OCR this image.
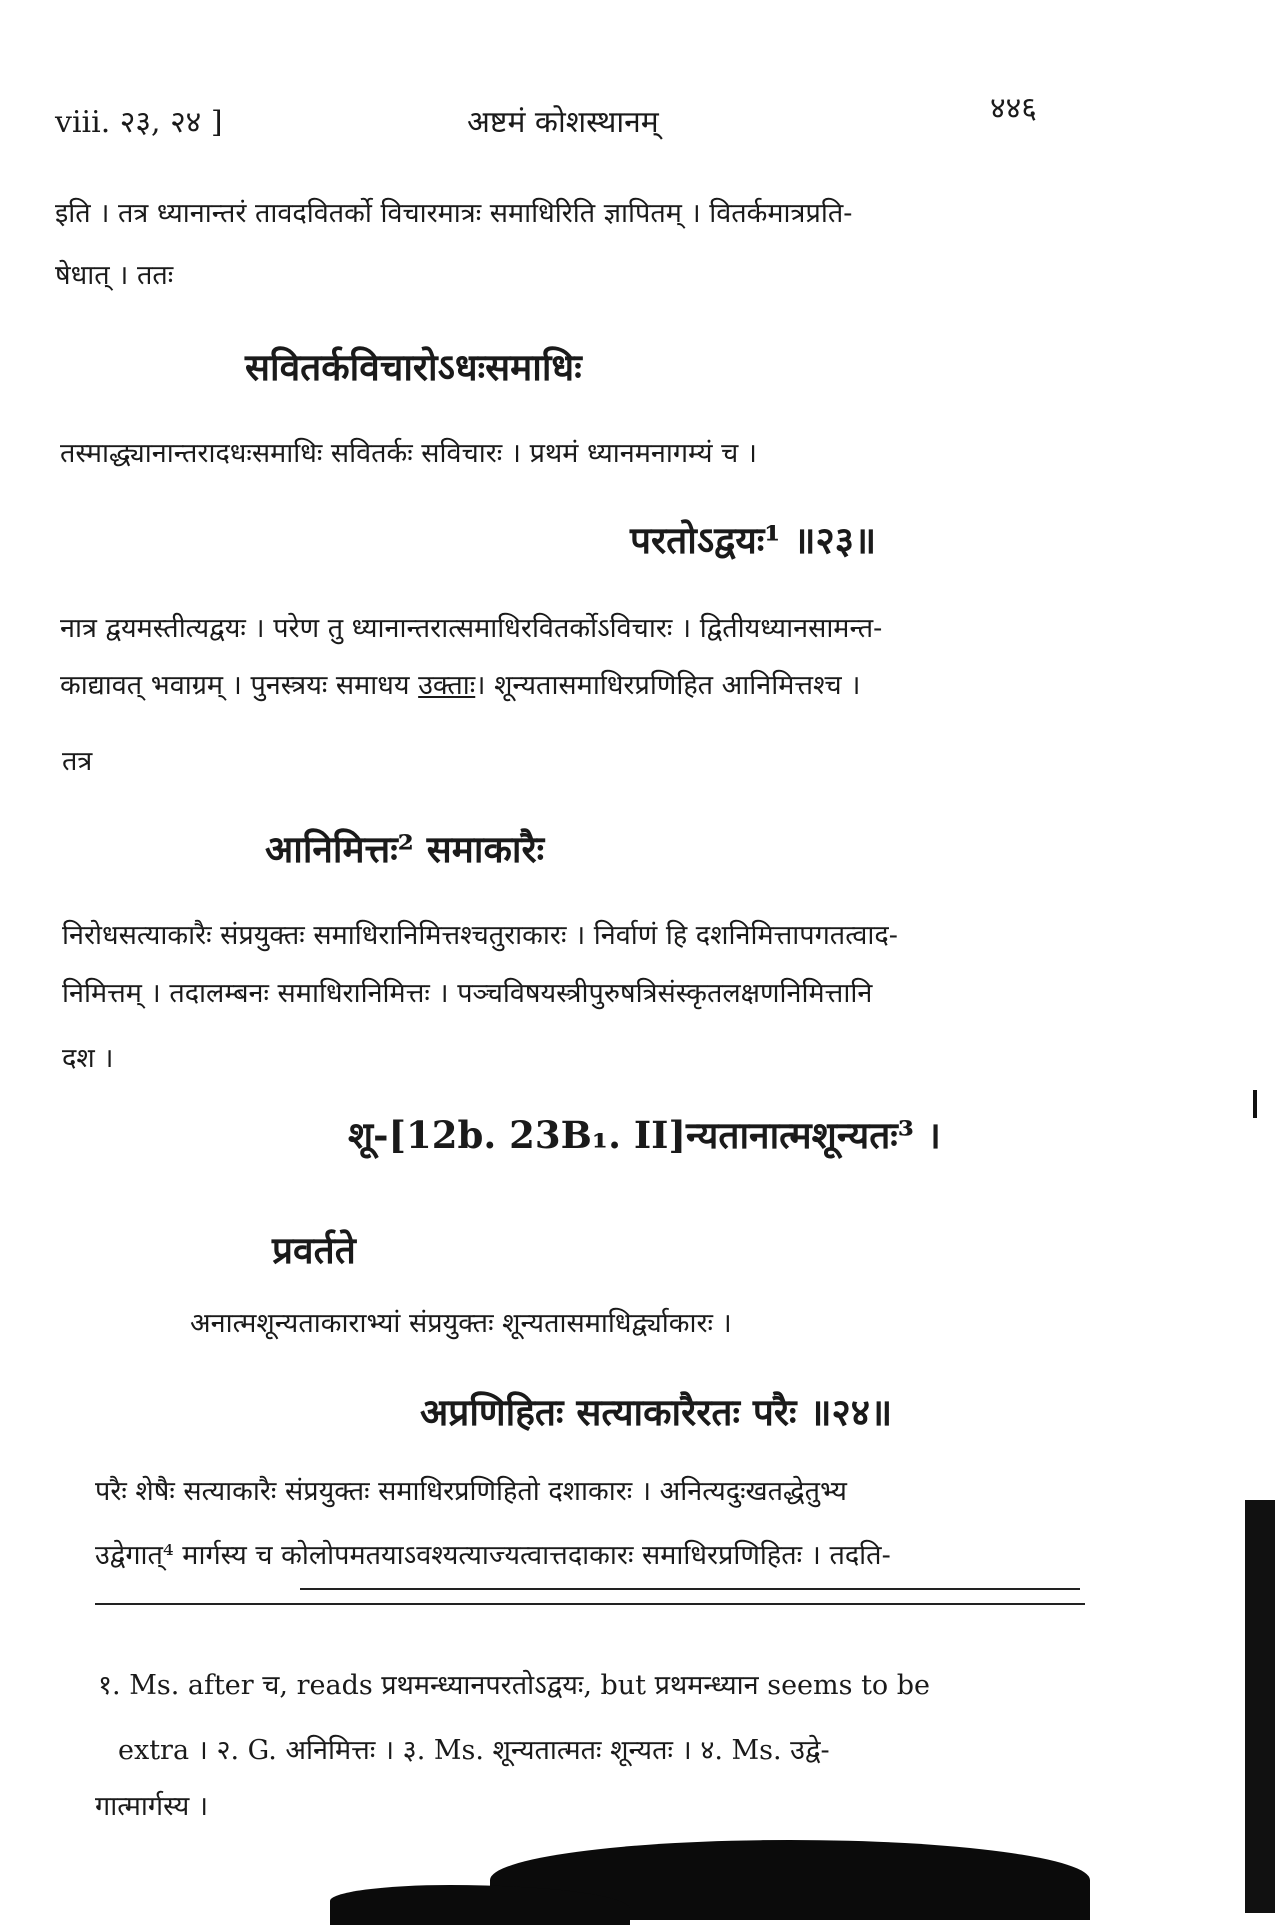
viii. २३, २४ ]	अष्टमं कोशस्थानम्	४४६
इति । तत्र ध्यानान्तरं तावदवितर्को विचारमात्रः समाधिरिति ज्ञापितम् । वितर्कमात्रप्रति-
षेधात् । ततः
सवितर्कविचारोऽधःसमाधिः
तस्माद्ध्यानान्तरादधःसमाधिः सवितर्कः सविचारः । प्रथमं ध्यानमनागम्यं च ।
परतोऽद्वयः¹ ॥२३॥
नात्र द्वयमस्तीत्यद्वयः । परेण तु ध्यानान्तरात्समाधिरवितर्कोऽविचारः । द्वितीयध्यानसामन्त-
काद्यावत् भवाग्रम् । पुनस्त्रयः समाधय उक्ताः। शून्यतासमाधिरप्रणिहित आनिमित्तश्च ।
तत्र
आनिमित्तः² समाकारैः
निरोधसत्याकारैः संप्रयुक्तः समाधिरानिमित्तश्चतुराकारः । निर्वाणं हि दशनिमित्तापगतत्वाद-
निमित्तम् । तदालम्बनः समाधिरानिमित्तः । पञ्चविषयस्त्रीपुरुषत्रिसंस्कृतलक्षणनिमित्तानि
दश ।
शू-[12b. 23B₁. II]न्यतानात्मशून्यतः³ ।
प्रवर्तते
अनात्मशून्यताकाराभ्यां संप्रयुक्तः शून्यतासमाधिर्द्व्याकारः ।
अप्रणिहितः सत्याकारैरतः परैः ॥२४॥
परैः शेषैः सत्याकारैः संप्रयुक्तः समाधिरप्रणिहितो दशाकारः । अनित्यदुःखतद्धेतुभ्य
उद्वेगात्⁴ मार्गस्य च कोलोपमतयाऽवश्यत्याज्यत्वात्तदाकारः समाधिरप्रणिहितः । तदति-
१. Ms. after च, reads प्रथमन्ध्यानपरतोऽद्वयः, but प्रथमन्ध्यान seems to be
extra । २. G. अनिमित्तः । ३. Ms. शून्यतात्मतः शून्यतः । ४. Ms. उद्वे-
गात्मार्गस्य ।
